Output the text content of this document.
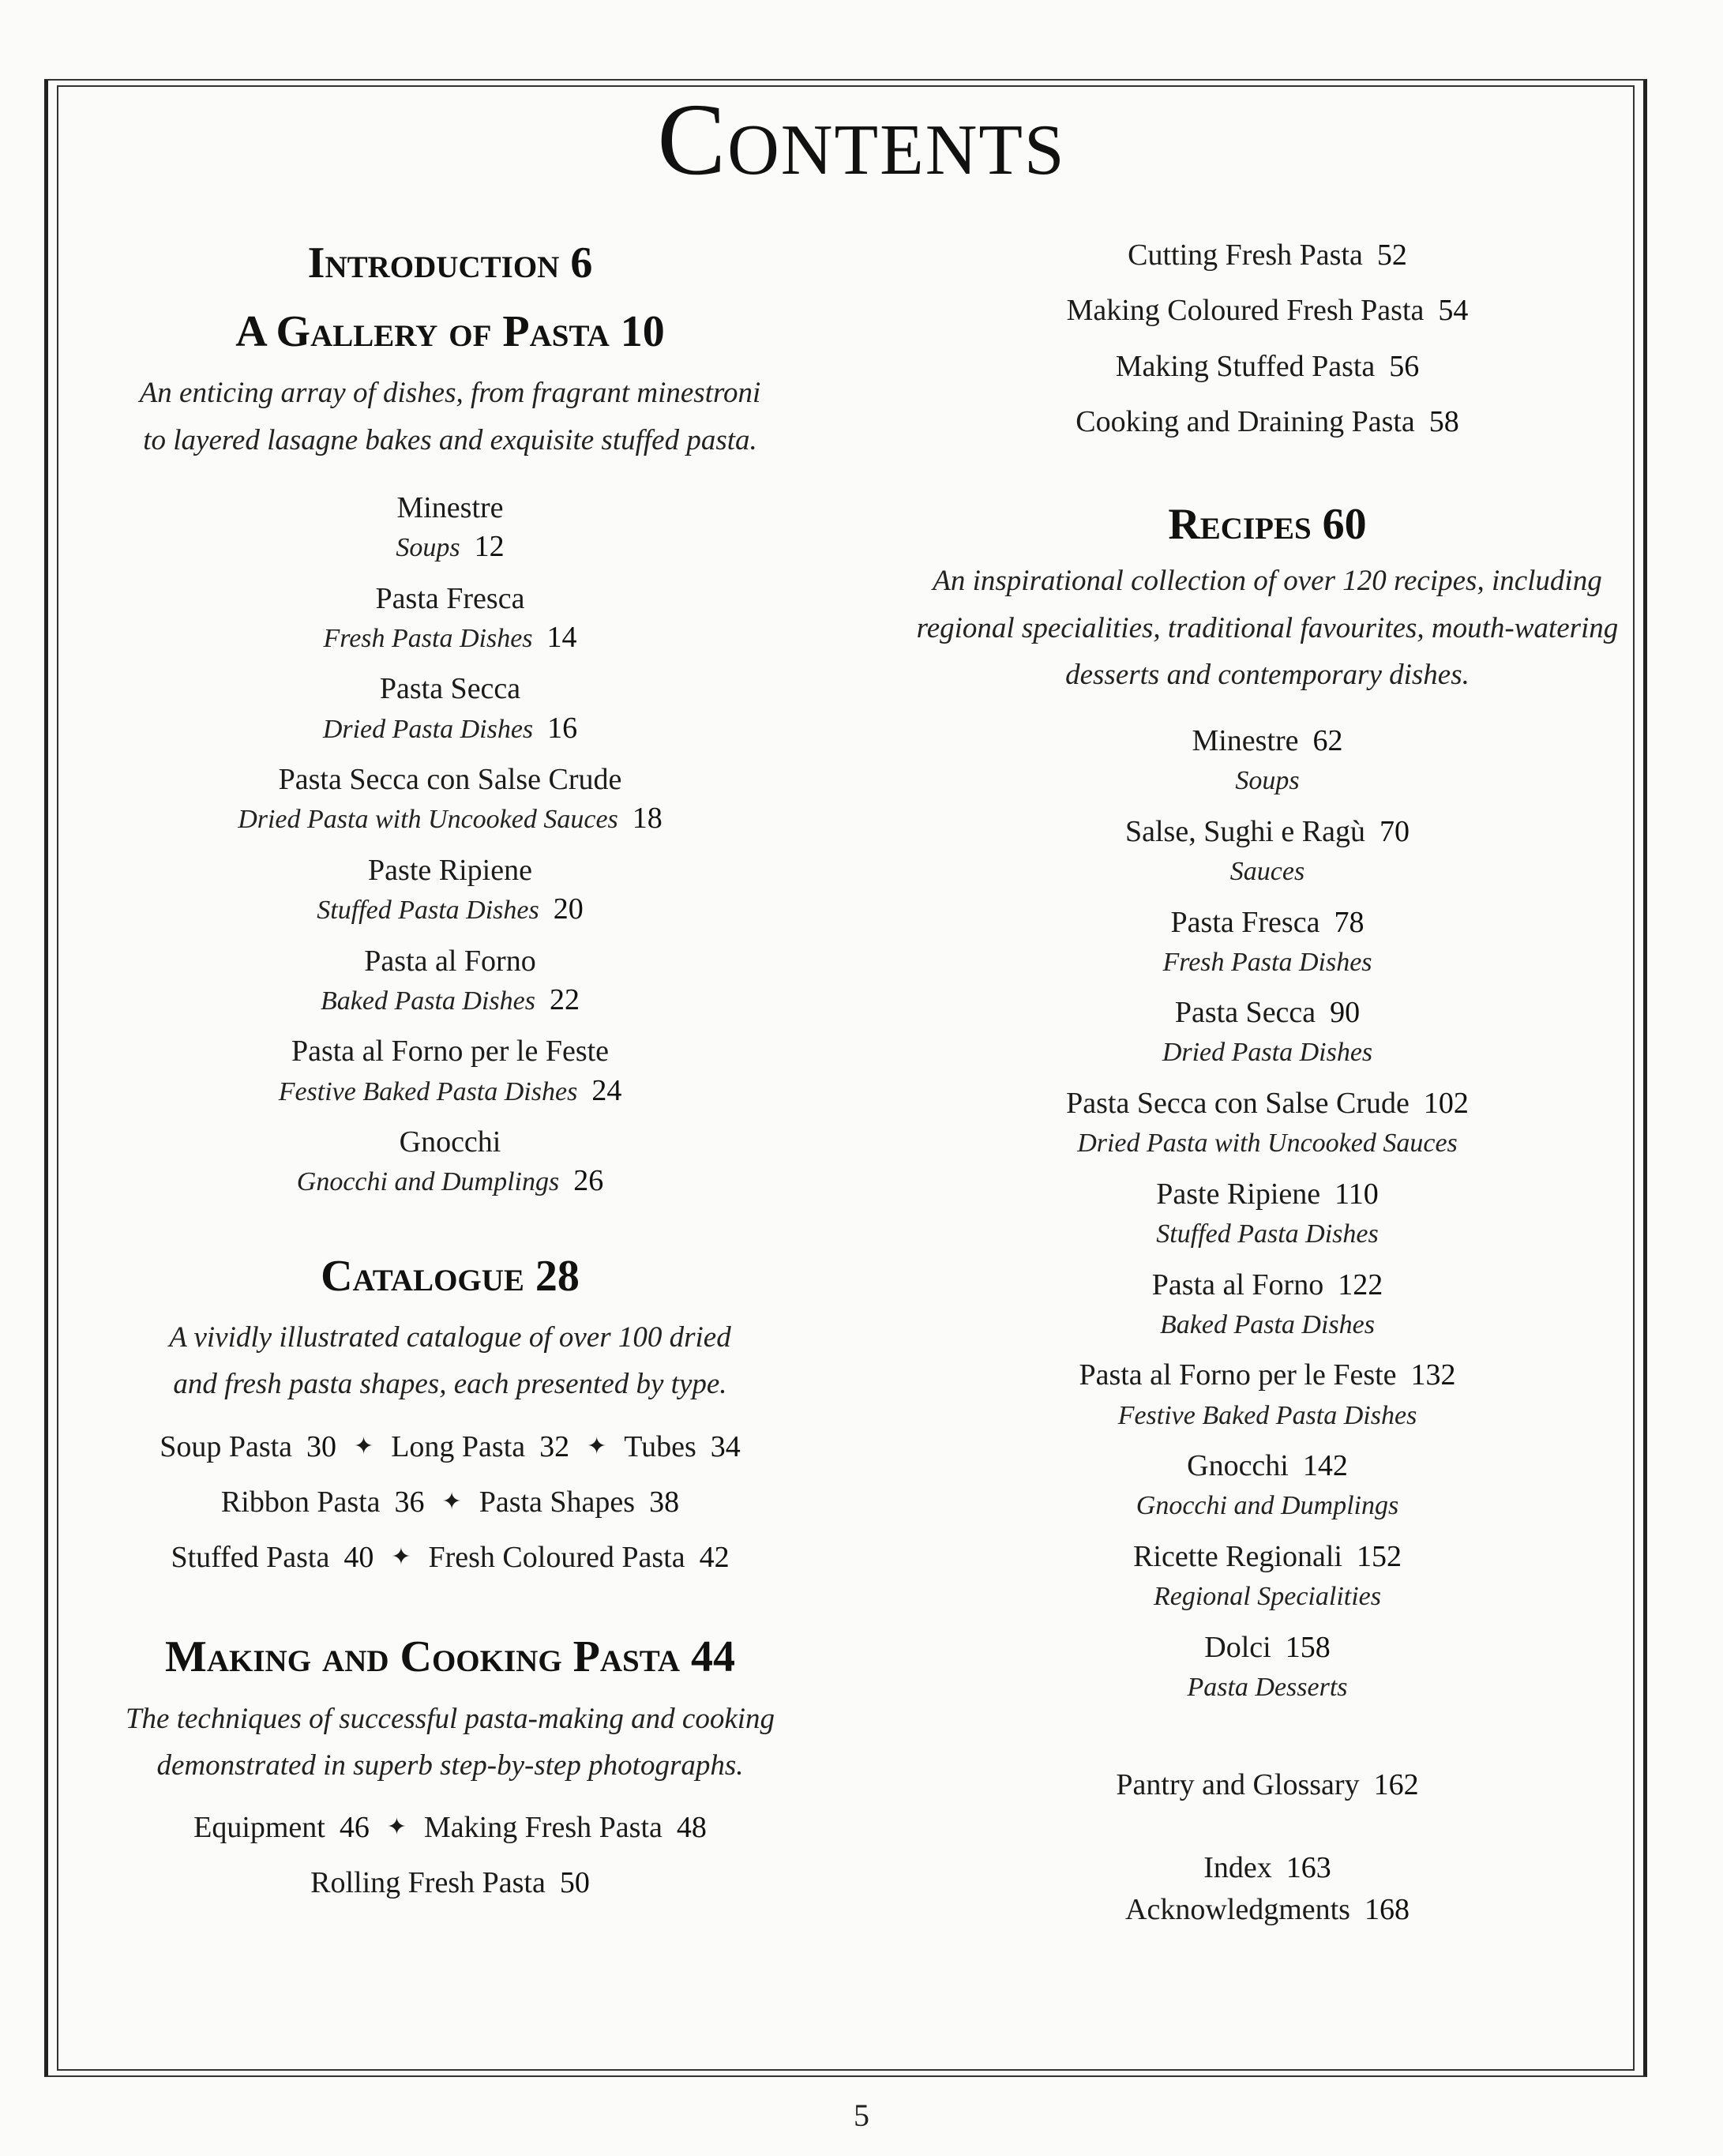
Contents
Introduction 6
A Gallery of Pasta 10

An enticing array of dishes, from fragrant minestroni
to layered lasagne bakes and exquisite stuffed pasta.

Minestre
Soups 12
Pasta Fresca
Fresh Pasta Dishes 14
Pasta Secca
Dried Pasta Dishes 16
Pasta Secca con Salse Crude
Dried Pasta with Uncooked Sauces 18
Paste Ripiene
Stuffed Pasta Dishes 20
Pasta al Forno
Baked Pasta Dishes 22
Pasta al Forno per le Feste
Festive Baked Pasta Dishes 24
Gnocchi
Gnocchi and Dumplings 26
Catalogue 28

A vividly illustrated catalogue of over 100 dried
and fresh pasta shapes, each presented by type.

Soup Pasta 30 ✦ Long Pasta 32 ✦ Tubes 34

Ribbon Pasta 36 ✦ Pasta Shapes 38

Stuffed Pasta 40 ✦ Fresh Coloured Pasta 42

Making and Cooking Pasta 44

The techniques of successful pasta-making and cooking
demonstrated in superb step-by-step photographs.

Equipment 46 ✦ Making Fresh Pasta 48

Rolling Fresh Pasta 50

Cutting Fresh Pasta 52

Making Coloured Fresh Pasta 54

Making Stuffed Pasta 56

Cooking and Draining Pasta 58

Recipes 60

An inspirational collection of over 120 recipes, including
regional specialities, traditional favourites, mouth-watering
desserts and contemporary dishes.

Minestre 62
Soups
Salse, Sughi e Ragù 70
Sauces
Pasta Fresca 78
Fresh Pasta Dishes
Pasta Secca 90
Dried Pasta Dishes
Pasta Secca con Salse Crude 102
Dried Pasta with Uncooked Sauces
Paste Ripiene 110
Stuffed Pasta Dishes
Pasta al Forno 122
Baked Pasta Dishes
Pasta al Forno per le Feste 132
Festive Baked Pasta Dishes
Gnocchi 142
Gnocchi and Dumplings
Ricette Regionali 152
Regional Specialities
Dolci 158
Pasta Desserts

Pantry and Glossary 162

Index 163

Acknowledgments 168

5
